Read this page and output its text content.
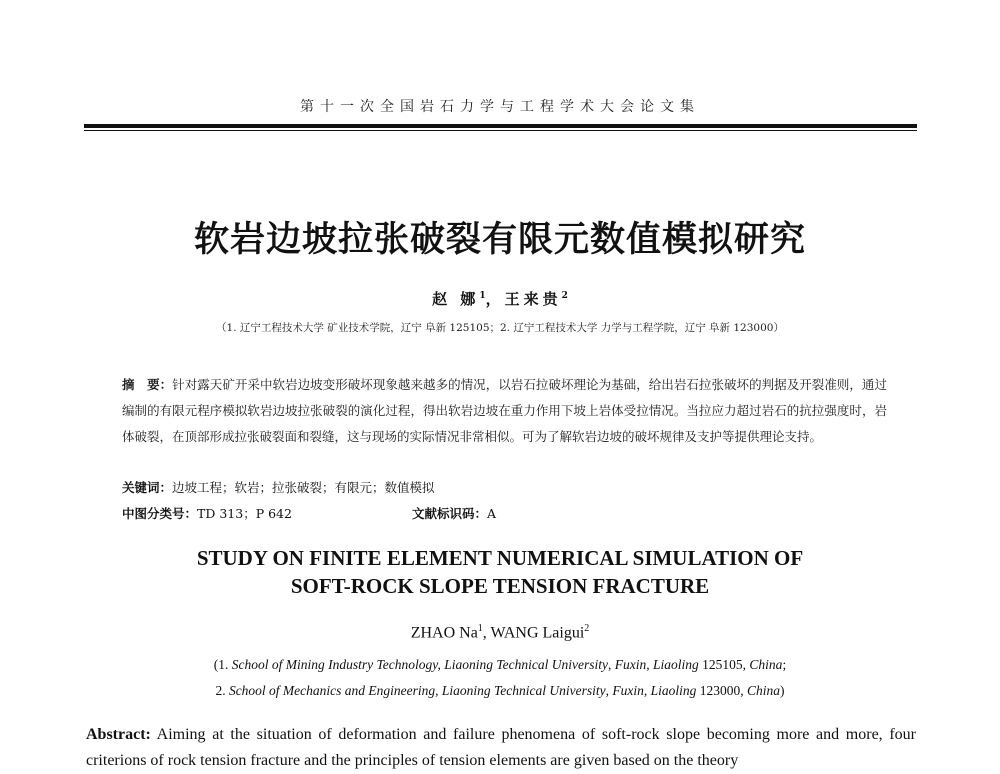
第十一次全国岩石力学与工程学术大会论文集
软岩边坡拉张破裂有限元数值模拟研究
赵 娜$^1$，王来贵$^2$
（1. 辽宁工程技术大学 矿业技术学院，辽宁 阜新 125105；2. 辽宁工程技术大学 力学与工程学院，辽宁 阜新 123000）
摘　要：针对露天矿开采中软岩边坡变形破坏现象越来越多的情况，以岩石拉破坏理论为基础，给出岩石拉张破坏的判据及开裂准则，通过编制的有限元程序模拟软岩边坡拉张破裂的演化过程，得出软岩边坡在重力作用下坡上岩体受拉情况。当拉应力超过岩石的抗拉强度时，岩体破裂，在顶部形成拉张破裂面和裂缝，这与现场的实际情况非常相似。可为了解软岩边坡的破坏规律及支护等提供理论支持。
关键词：边坡工程；软岩；拉张破裂；有限元；数值模拟
中图分类号：TD 313；P 642	文献标识码：A
STUDY ON FINITE ELEMENT NUMERICAL SIMULATION OF
SOFT-ROCK SLOPE TENSION FRACTURE
ZHAO Na$^1$, WANG Laigui$^2$
(1. School of Mining Industry Technology, Liaoning Technical University, Fuxin, Liaoling 125105, China;
2. School of Mechanics and Engineering, Liaoning Technical University, Fuxin, Liaoling 123000, China)
Abstract: Aiming at the situation of deformation and failure phenomena of soft-rock slope becoming more and more, four criterions of rock tension fracture and the principles of tension elements are given based on the theory
